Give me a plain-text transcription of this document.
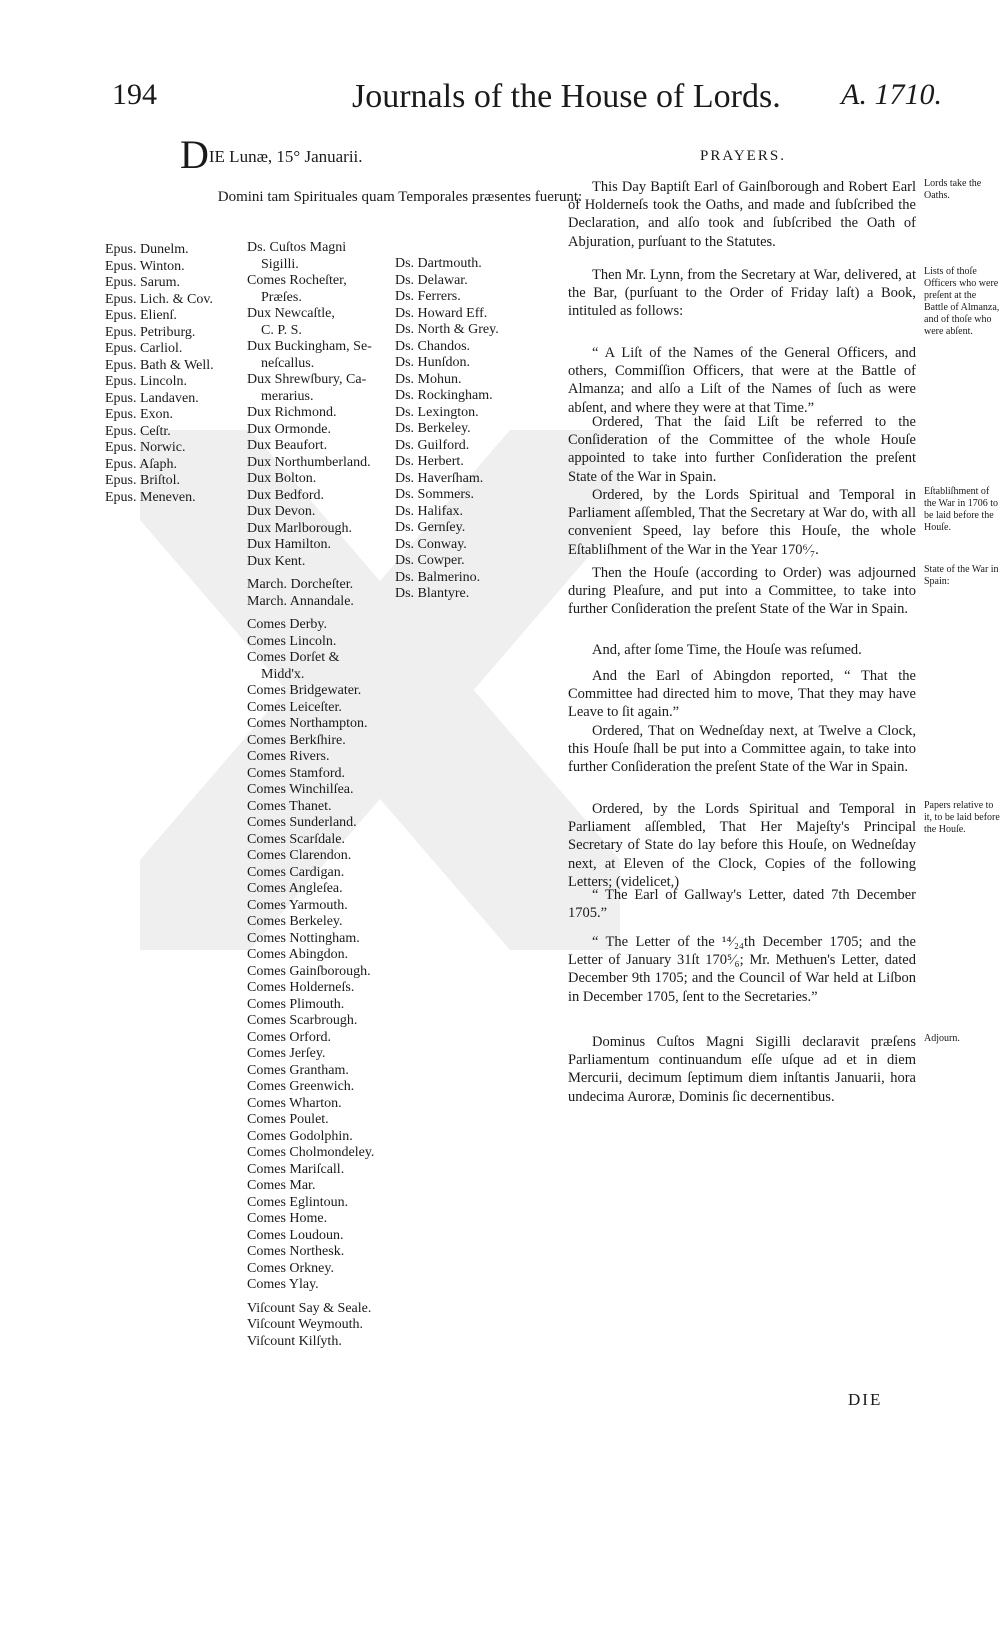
194	Journals of the House of Lords. A. 1710.
DIE Lunæ, 15° Januarii.
Domini tam Spirituales quam Temporales præsentes fuerunt:
Epus. Dunelm.
Epus. Winton.
Epus. Sarum.
Epus. Lich. & Cov.
Epus. Elienſ.
Epus. Petriburg.
Epus. Carliol.
Epus. Bath & Well.
Epus. Lincoln.
Epus. Landaven.
Epus. Exon.
Epus. Ceſtr.
Epus. Norwic.
Epus. Aſaph.
Epus. Briſtol.
Epus. Meneven.
Ds. Cuſtos Magni
Sigilli.
Comes Rocheſter,
Præſes.
Dux Newcaſtle,
C. P. S.
Dux Buckingham, Se-
neſcallus.
Dux Shrewſbury, Ca-
merarius.
Dux Richmond.
Dux Ormonde.
Dux Beaufort.
Dux Northumberland.
Dux Bolton.
Dux Bedford.
Dux Devon.
Dux Marlborough.
Dux Hamilton.
Dux Kent.
March. Dorcheſter.
March. Annandale.
Comes Derby.
Comes Lincoln.
Comes Dorſet &
Midd'x.
Comes Bridgewater.
Comes Leiceſter.
Comes Northampton.
Comes Berkſhire.
Comes Rivers.
Comes Stamford.
Comes Winchilſea.
Comes Thanet.
Comes Sunderland.
Comes Scarſdale.
Comes Clarendon.
Comes Cardigan.
Comes Angleſea.
Comes Yarmouth.
Comes Berkeley.
Comes Nottingham.
Comes Abingdon.
Comes Gainſborough.
Comes Holderneſs.
Comes Plimouth.
Comes Scarbrough.
Comes Orford.
Comes Jerſey.
Comes Grantham.
Comes Greenwich.
Comes Wharton.
Comes Poulet.
Comes Godolphin.
Comes Cholmondeley.
Comes Mariſcall.
Comes Mar.
Comes Eglintoun.
Comes Home.
Comes Loudoun.
Comes Northesk.
Comes Orkney.
Comes Ylay.
Viſcount Say & Seale.
Viſcount Weymouth.
Viſcount Kilſyth.
Ds. Dartmouth.
Ds. Delawar.
Ds. Ferrers.
Ds. Howard Eff.
Ds. North & Grey.
Ds. Chandos.
Ds. Hunſdon.
Ds. Mohun.
Ds. Rockingham.
Ds. Lexington.
Ds. Berkeley.
Ds. Guilford.
Ds. Herbert.
Ds. Haverſham.
Ds. Sommers.
Ds. Halifax.
Ds. Gernſey.
Ds. Conway.
Ds. Cowper.
Ds. Balmerino.
Ds. Blantyre.
PRAYERS.

This Day Baptiſt Earl of Gainſborough and Robert Earl of Holderneſs took the Oaths, and made and ſubſcribed the Declaration, and alſo took and ſubſcribed the Oath of Abjuration, purſuant to the Statutes.

Lords take the Oaths.

Then Mr. Lynn, from the Secretary at War, delivered, at the Bar, (purſuant to the Order of Friday laſt) a Book, intituled as follows:

Lists of thoſe Officers who were preſent at the Battle of Almanza, and of thoſe who were abſent.

“ A Liſt of the Names of the General Officers, and others, Commiſſion Officers, that were at the Battle of Almanza; and alſo a Liſt of the Names of ſuch as were abſent, and where they were at that Time.”

Ordered, That the ſaid Liſt be referred to the Conſideration of the Committee of the whole Houſe appointed to take into further Conſideration the preſent State of the War in Spain.

Ordered, by the Lords Spiritual and Temporal in Parliament aſſembled, That the Secretary at War do, with all convenient Speed, lay before this Houſe, the whole Eſtabliſhment of the War in the Year 170⁶⁄₇.

Eſtabliſhment of the War in 1706 to be laid before the Houſe.

Then the Houſe (according to Order) was adjourned during Pleaſure, and put into a Committee, to take into further Conſideration the preſent State of the War in Spain.

State of the War in Spain:

And, after ſome Time, the Houſe was reſumed.

And the Earl of Abingdon reported, “ That the Committee had directed him to move, That they may have Leave to ſit again.”

Ordered, That on Wedneſday next, at Twelve a Clock, this Houſe ſhall be put into a Committee again, to take into further Conſideration the preſent State of the War in Spain.

Ordered, by the Lords Spiritual and Temporal in Parliament aſſembled, That Her Majeſty's Principal Secretary of State do lay before this Houſe, on Wedneſday next, at Eleven of the Clock, Copies of the following Letters; (videlicet,)

Papers relative to it, to be laid before the Houſe.

“ The Earl of Gallway's Letter, dated 7th December 1705.”

“ The Letter of the ¹⁴⁄₂₄th December 1705; and the Letter of January 31ſt 170⁵⁄₆; Mr. Methuen's Letter, dated December 9th 1705; and the Council of War held at Liſbon in December 1705, ſent to the Secretaries.”

Dominus Cuſtos Magni Sigilli declaravit præſens Parliamentum continuandum eſſe uſque ad et in diem Mercurii, decimum ſeptimum diem inſtantis Januarii, hora undecima Auroræ, Dominis ſic decernentibus.

Adjourn.
DIE
